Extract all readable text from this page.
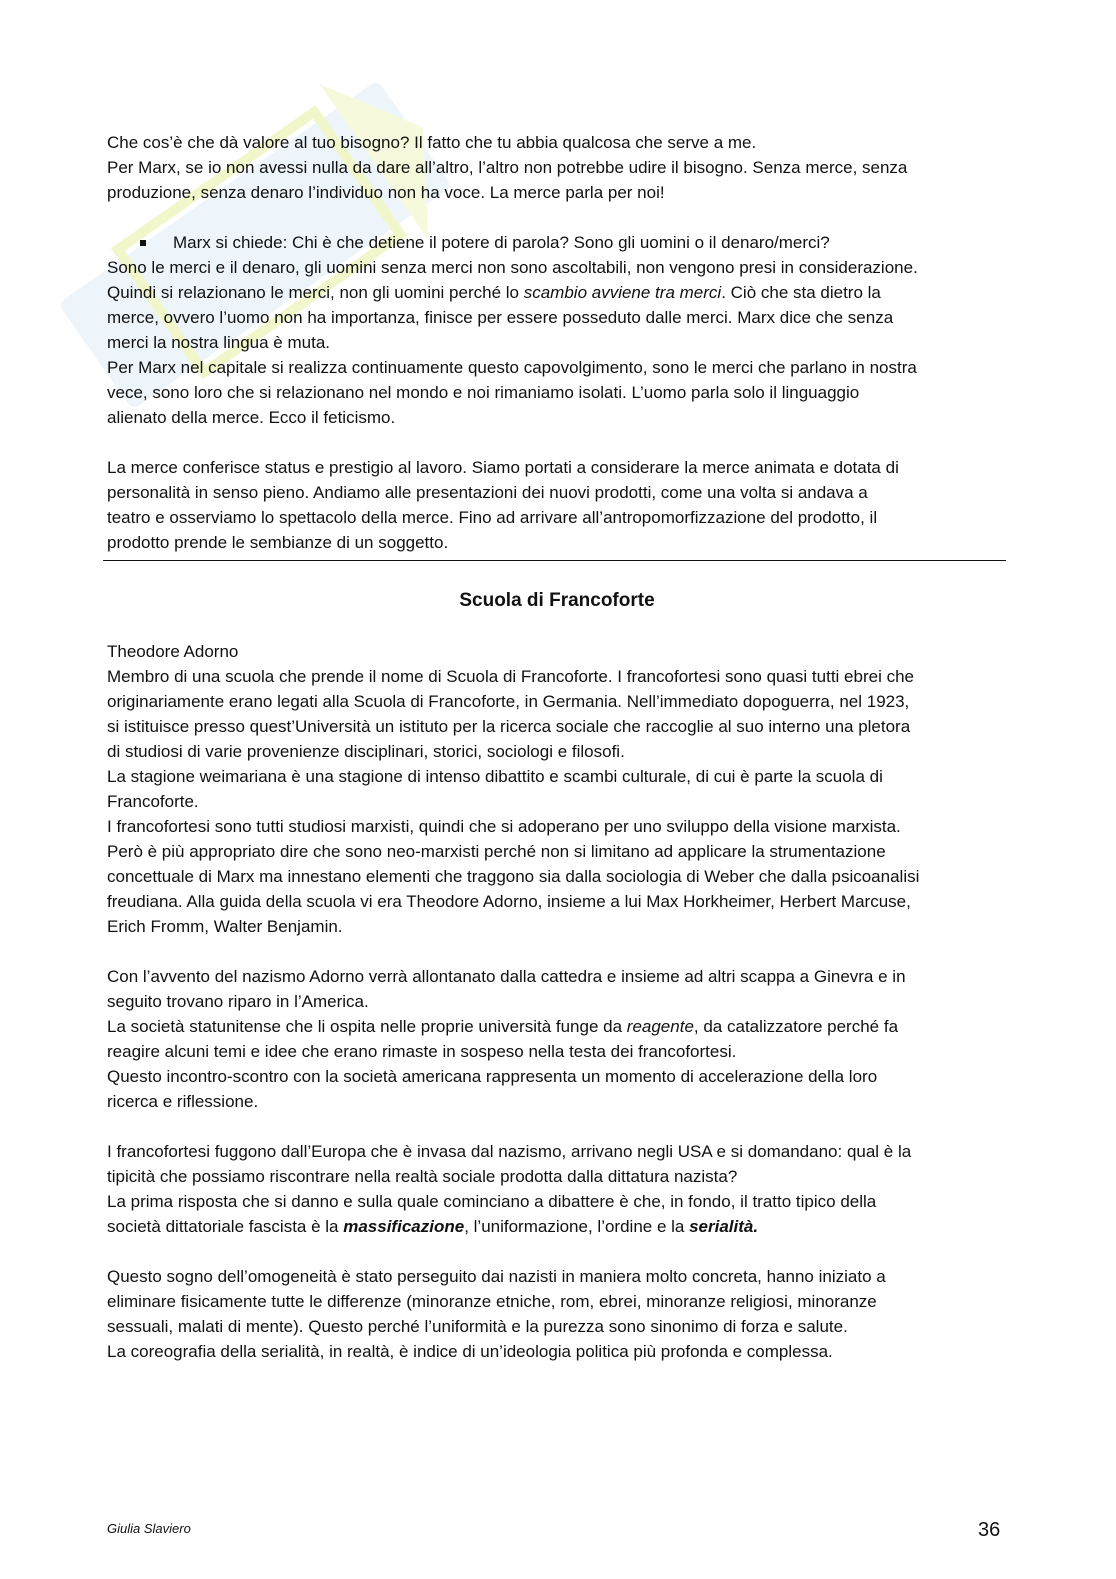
Che cos’è che dà valore al tuo bisogno? Il fatto che tu abbia qualcosa che serve a me.

Per Marx, se io non avessi nulla da dare all’altro, l’altro non potrebbe udire il bisogno. Senza merce, senza

produzione, senza denaro l’individuo non ha voce. La merce parla per noi!

Marx si chiede: Chi è che detiene il potere di parola? Sono gli uomini o il denaro/merci?

Sono le merci e il denaro, gli uomini senza merci non sono ascoltabili, non vengono presi in considerazione.

Quindi si relazionano le merci, non gli uomini perché lo scambio avviene tra merci. Ciò che sta dietro la

merce, ovvero l’uomo non ha importanza, finisce per essere posseduto dalle merci. Marx dice che senza

merci la nostra lingua è muta.

Per Marx nel capitale si realizza continuamente questo capovolgimento, sono le merci che parlano in nostra

vece, sono loro che si relazionano nel mondo e noi rimaniamo isolati. L’uomo parla solo il linguaggio

alienato della merce. Ecco il feticismo.

La merce conferisce status e prestigio al lavoro. Siamo portati a considerare la merce animata e dotata di

personalità in senso pieno. Andiamo alle presentazioni dei nuovi prodotti, come una volta si andava a

teatro e osserviamo lo spettacolo della merce. Fino ad arrivare all’antropomorfizzazione del prodotto, il

prodotto prende le sembianze di un soggetto.

Scuola di Francoforte

Theodore Adorno

Membro di una scuola che prende il nome di Scuola di Francoforte. I francofortesi sono quasi tutti ebrei che

originariamente erano legati alla Scuola di Francoforte, in Germania. Nell’immediato dopoguerra, nel 1923,

si istituisce presso quest’Università un istituto per la ricerca sociale che raccoglie al suo interno una pletora

di studiosi di varie provenienze disciplinari, storici, sociologi e filosofi.

La stagione weimariana è una stagione di intenso dibattito e scambi culturale, di cui è parte la scuola di

Francoforte.

I francofortesi sono tutti studiosi marxisti, quindi che si adoperano per uno sviluppo della visione marxista.

Però è più appropriato dire che sono neo-marxisti perché non si limitano ad applicare la strumentazione

concettuale di Marx ma innestano elementi che traggono sia dalla sociologia di Weber che dalla psicoanalisi

freudiana. Alla guida della scuola vi era Theodore Adorno, insieme a lui Max Horkheimer, Herbert Marcuse,

Erich Fromm, Walter Benjamin.

Con l’avvento del nazismo Adorno verrà allontanato dalla cattedra e insieme ad altri scappa a Ginevra e in

seguito trovano riparo in l’America.

La società statunitense che li ospita nelle proprie università funge da reagente, da catalizzatore perché fa

reagire alcuni temi e idee che erano rimaste in sospeso nella testa dei francofortesi.

Questo incontro-scontro con la società americana rappresenta un momento di accelerazione della loro

ricerca e riflessione.

I francofortesi fuggono dall’Europa che è invasa dal nazismo, arrivano negli USA e si domandano: qual è la

tipicità che possiamo riscontrare nella realtà sociale prodotta dalla dittatura nazista?

La prima risposta che si danno e sulla quale cominciano a dibattere è che, in fondo, il tratto tipico della

società dittatoriale fascista è la massificazione, l’uniformazione, l’ordine e la serialità.

Questo sogno dell’omogeneità è stato perseguito dai nazisti in maniera molto concreta, hanno iniziato a

eliminare fisicamente tutte le differenze (minoranze etniche, rom, ebrei, minoranze religiosi, minoranze

sessuali, malati di mente). Questo perché l’uniformità e la purezza sono sinonimo di forza e salute.

La coreografia della serialità, in realtà, è indice di un’ideologia politica più profonda e complessa.

Giulia Slaviero	36
